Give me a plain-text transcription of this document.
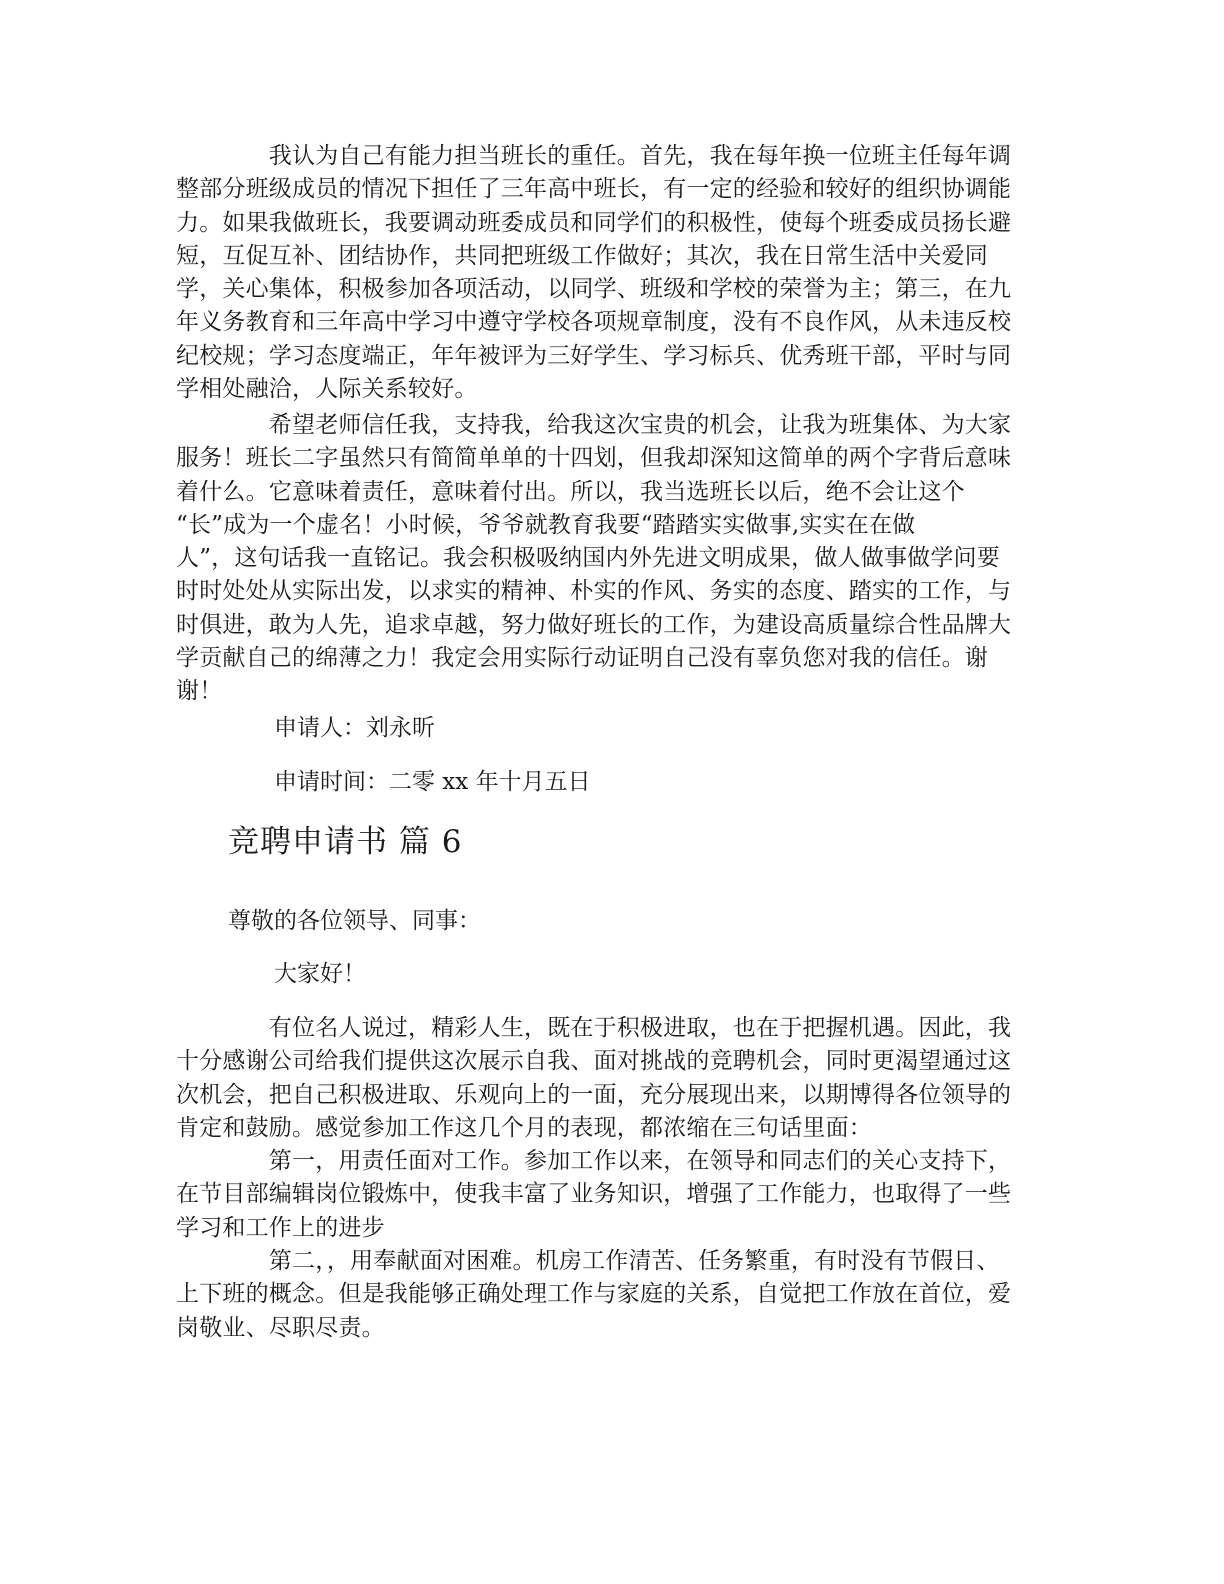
　　　　我认为自己有能力担当班长的重任。首先，我在每年换一位班主任每年调
整部分班级成员的情况下担任了三年高中班长，有一定的经验和较好的组织协调能
力。如果我做班长，我要调动班委成员和同学们的积极性，使每个班委成员扬长避
短，互促互补、团结协作，共同把班级工作做好；其次，我在日常生活中关爱同
学，关心集体，积极参加各项活动，以同学、班级和学校的荣誉为主；第三，在九
年义务教育和三年高中学习中遵守学校各项规章制度，没有不良作风，从未违反校
纪校规；学习态度端正，年年被评为三好学生、学习标兵、优秀班干部，平时与同
学相处融洽，人际关系较好。

　　　　希望老师信任我，支持我，给我这次宝贵的机会，让我为班集体、为大家
服务！班长二字虽然只有简简单单的十四划，但我却深知这简单的两个字背后意味
着什么。它意味着责任，意味着付出。所以，我当选班长以后，绝不会让这个
“长”成为一个虚名！小时候，爷爷就教育我要“踏踏实实做事,实实在在做
人”，这句话我一直铭记。我会积极吸纳国内外先进文明成果，做人做事做学问要
时时处处从实际出发，以求实的精神、朴实的作风、务实的态度、踏实的工作，与
时俱进，敢为人先，追求卓越，努力做好班长的工作，为建设高质量综合性品牌大
学贡献自己的绵薄之力！我定会用实际行动证明自己没有辜负您对我的信任。谢
谢！

申请人：刘永昕

申请时间：二零 xx 年十月五日

竞聘申请书 篇 6

尊敬的各位领导、同事：

大家好！

　　　　有位名人说过，精彩人生，既在于积极进取，也在于把握机遇。因此，我
十分感谢公司给我们提供这次展示自我、面对挑战的竞聘机会，同时更渴望通过这
次机会，把自己积极进取、乐观向上的一面，充分展现出来，以期博得各位领导的
肯定和鼓励。感觉参加工作这几个月的表现，都浓缩在三句话里面：

　　　　第一，用责任面对工作。参加工作以来，在领导和同志们的关心支持下，
在节目部编辑岗位锻炼中，使我丰富了业务知识，增强了工作能力，也取得了一些
学习和工作上的进步

　　　　第二，，用奉献面对困难。机房工作清苦、任务繁重，有时没有节假日、
上下班的概念。但是我能够正确处理工作与家庭的关系，自觉把工作放在首位，爱
岗敬业、尽职尽责。
